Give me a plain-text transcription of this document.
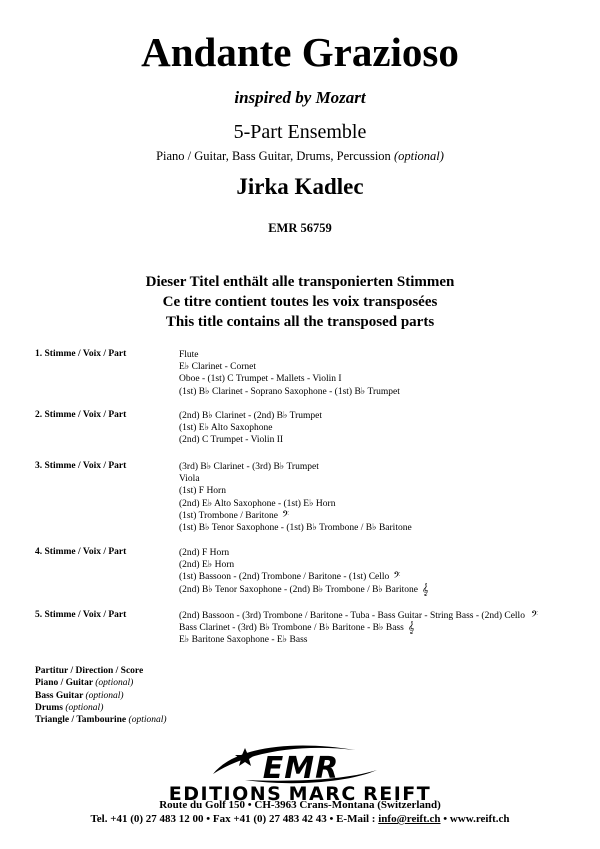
Andante Grazioso
inspired by Mozart
5-Part Ensemble
Piano / Guitar, Bass Guitar, Drums, Percussion (optional)
Jirka Kadlec
EMR 56759
Dieser Titel enthält alle transponierten Stimmen
Ce titre contient toutes les voix transposées
This title contains all the transposed parts
1. Stimme / Voix / Part	Flute
E♭ Clarinet - Cornet
Oboe - (1st) C Trumpet - Mallets - Violin I
(1st) B♭ Clarinet - Soprano Saxophone - (1st) B♭ Trumpet
2. Stimme / Voix / Part	(2nd) B♭ Clarinet - (2nd) B♭ Trumpet
(1st) E♭ Alto Saxophone
(2nd) C Trumpet - Violin II
3. Stimme / Voix / Part	(3rd) B♭ Clarinet - (3rd) B♭ Trumpet
Viola
(1st) F Horn
(2nd) E♭ Alto Saxophone - (1st) E♭ Horn
(1st) Trombone / Baritone 𝄢
(1st) B♭ Tenor Saxophone - (1st) B♭ Trombone / B♭ Baritone
4. Stimme / Voix / Part	(2nd) F Horn
(2nd) E♭ Horn
(1st) Bassoon - (2nd) Trombone / Baritone - (1st) Cello 𝄢
(2nd) B♭ Tenor Saxophone - (2nd) B♭ Trombone / B♭ Baritone 𝄞
5. Stimme / Voix / Part	(2nd) Bassoon - (3rd) Trombone / Baritone - Tuba - Bass Guitar - String Bass - (2nd) Cello 𝄢
Bass Clarinet - (3rd) B♭ Trombone / B♭ Baritone - B♭ Bass 𝄞
E♭ Baritone Saxophone - E♭ Bass
Partitur / Direction / Score
Piano / Guitar (optional)
Bass Guitar (optional)
Drums (optional)
Triangle / Tambourine (optional)
EMR
EDITIONS MARC REIFT
Route du Golf 150 • CH-3963 Crans-Montana (Switzerland)
Tel. +41 (0) 27 483 12 00 • Fax +41 (0) 27 483 42 43 • E-Mail : info@reift.ch • www.reift.ch
